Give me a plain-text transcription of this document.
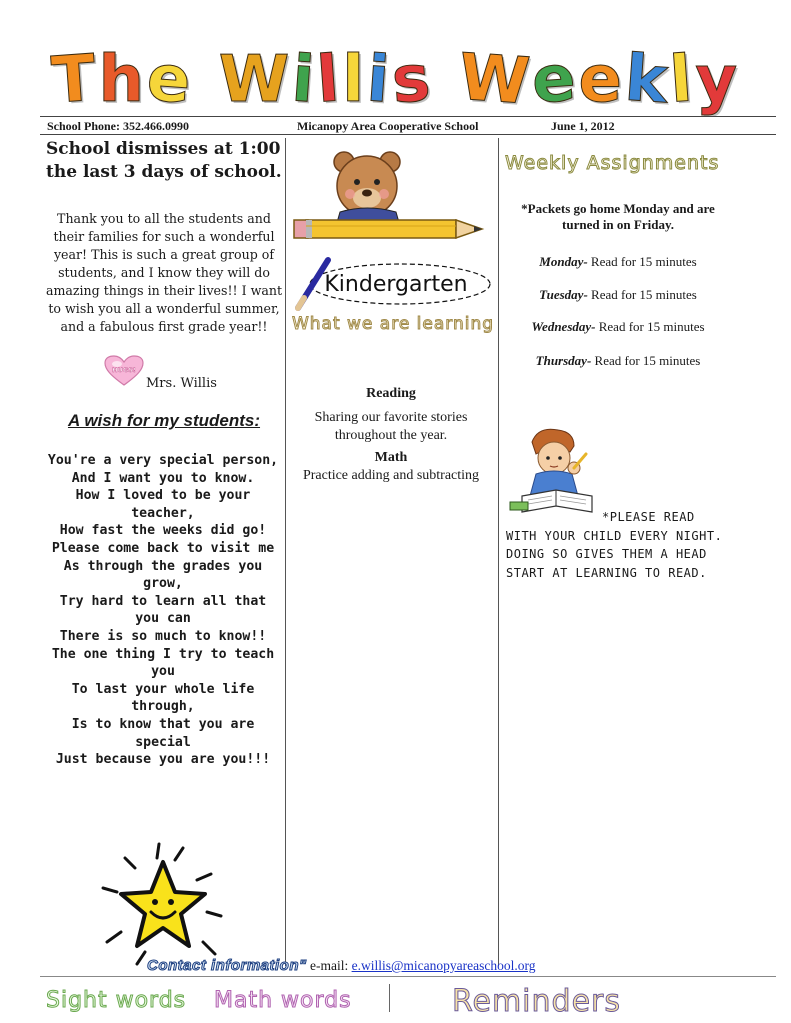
T h e
W i
l l i
s
W
e e k
l y
School Phone: 352.466.0990	Micanopy Area Cooperative School	June 1, 2012
School dismisses at 1:00 the last 3 days of school.
Thank you to all the students and their families for such a wonderful year! This is such a great group of students, and I know they will do amazing things in their lives!! I want to wish you all a wonderful summer, and a fabulous first grade year!!
HUGS!
Mrs. Willis
A wish for my students:
You're a very special person,
And I want you to know.
How I loved to be your teacher,
How fast the weeks did go!
Please come back to visit me
As through the grades you grow,
Try hard to learn all that you can
There is so much to know!!
The one thing I try to teach you
To last your whole life through,
Is to know that you are special
Just because you are you!!!
Kindergarten
What we are learning
Reading
Sharing our favorite stories throughout the year.
Math
Practice adding and subtracting
Weekly Assignments
*Packets go home Monday and are turned in on Friday.
Monday- Read for 15 minutes
Tuesday- Read for 15 minutes
Wednesday- Read for 15 minutes
Thursday- Read for 15 minutes
*PLEASE READ
WITH YOUR CHILD EVERY NIGHT. DOING SO GIVES THEM A HEAD START AT LEARNING TO READ.
Contact information" e-mail: e.willis@micanopyareaschool.org
Sight words Math words	Reminders
